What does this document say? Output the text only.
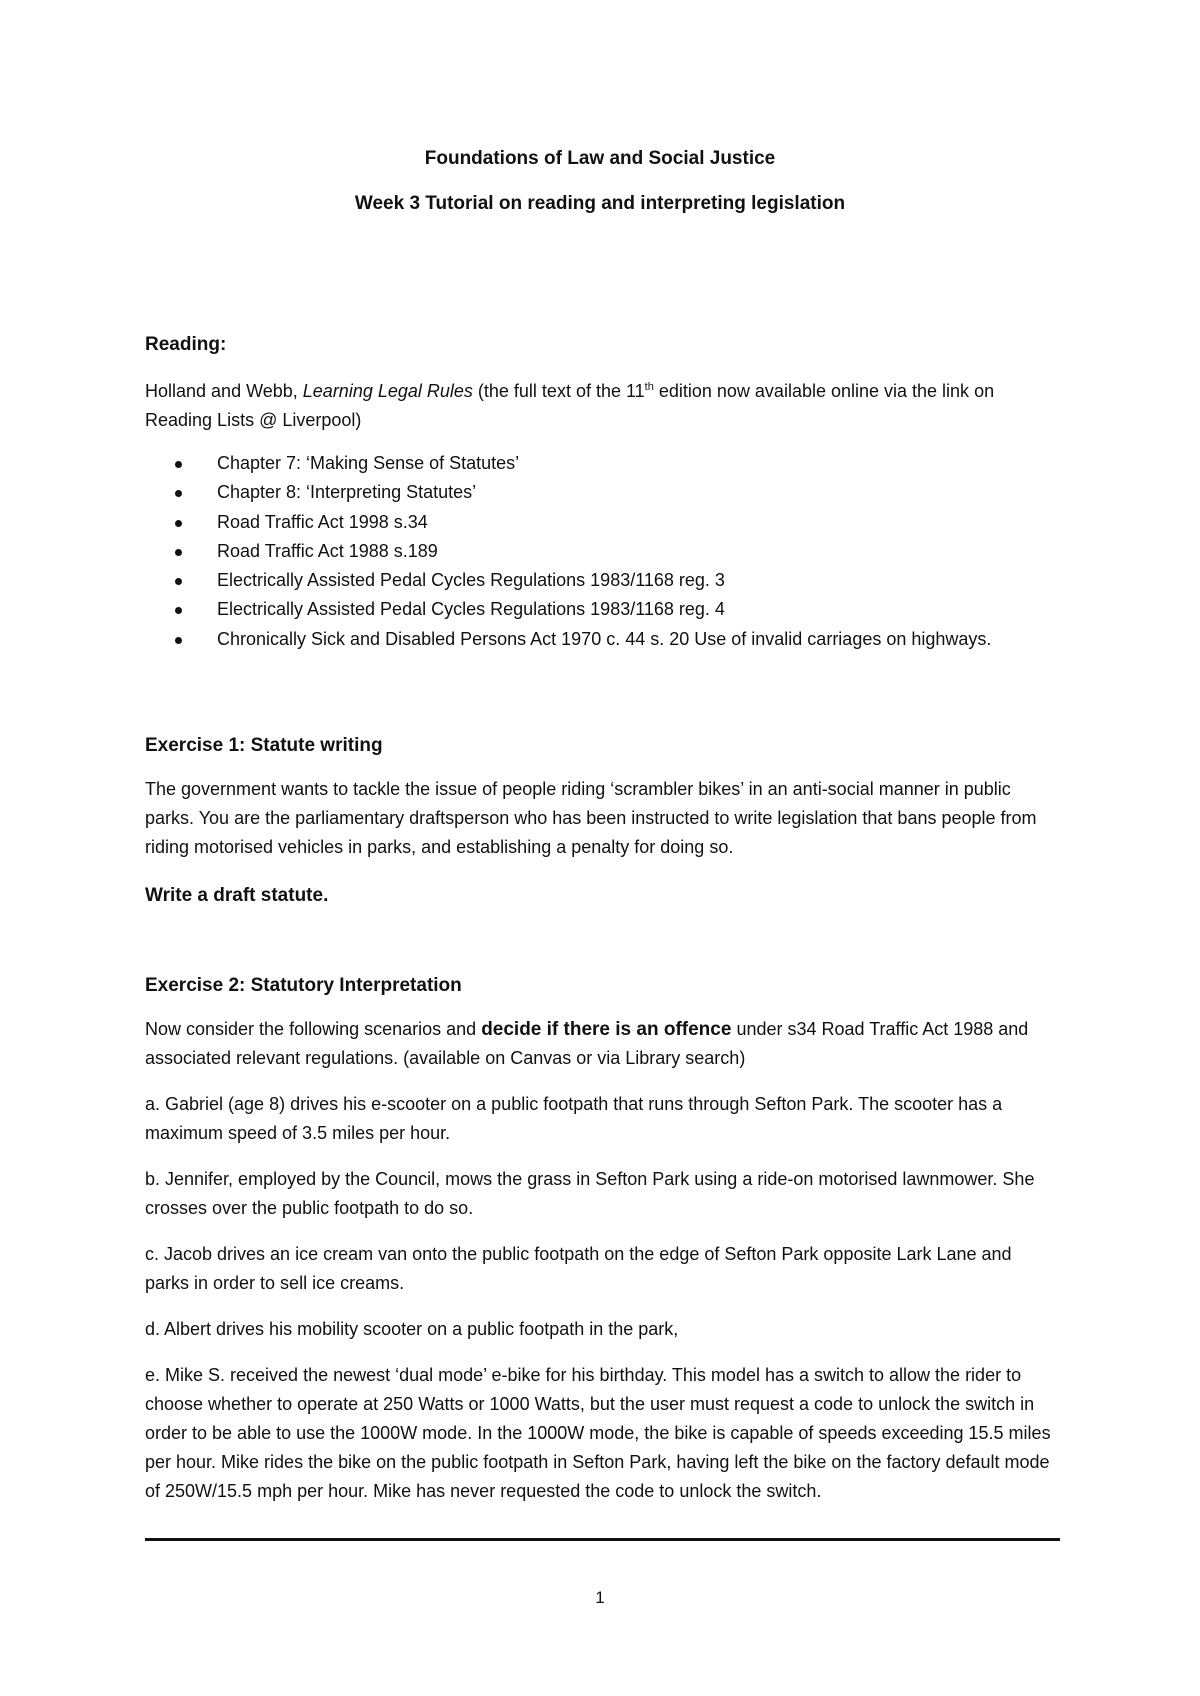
Foundations of Law and Social Justice
Week 3 Tutorial on reading and interpreting legislation
Reading:

Holland and Webb, Learning Legal Rules (the full text of the 11th edition now available online via the link on Reading Lists @ Liverpool)

Chapter 7: ‘Making Sense of Statutes’
Chapter 8: ‘Interpreting Statutes’
Road Traffic Act 1998 s.34
Road Traffic Act 1988 s.189
Electrically Assisted Pedal Cycles Regulations 1983/1168 reg. 3
Electrically Assisted Pedal Cycles Regulations 1983/1168 reg. 4
Chronically Sick and Disabled Persons Act 1970 c. 44 s. 20 Use of invalid carriages on highways.
Exercise 1: Statute writing

The government wants to tackle the issue of people riding ‘scrambler bikes’ in an anti-social manner in public parks. You are the parliamentary draftsperson who has been instructed to write legislation that bans people from riding motorised vehicles in parks, and establishing a penalty for doing so.

Write a draft statute.

Exercise 2: Statutory Interpretation

Now consider the following scenarios and decide if there is an offence under s34 Road Traffic Act 1988 and associated relevant regulations. (available on Canvas or via Library search)

a. Gabriel (age 8) drives his e-scooter on a public footpath that runs through Sefton Park. The scooter has a maximum speed of 3.5 miles per hour.

b. Jennifer, employed by the Council, mows the grass in Sefton Park using a ride-on motorised lawnmower. She crosses over the public footpath to do so.

c. Jacob drives an ice cream van onto the public footpath on the edge of Sefton Park opposite Lark Lane and parks in order to sell ice creams.

d. Albert drives his mobility scooter on a public footpath in the park,

e. Mike S. received the newest ‘dual mode’ e-bike for his birthday. This model has a switch to allow the rider to choose whether to operate at 250 Watts or 1000 Watts, but the user must request a code to unlock the switch in order to be able to use the 1000W mode. In the 1000W mode, the bike is capable of speeds exceeding 15.5 miles per hour. Mike rides the bike on the public footpath in Sefton Park, having left the bike on the factory default mode of 250W/15.5 mph per hour. Mike has never requested the code to unlock the switch.

1
